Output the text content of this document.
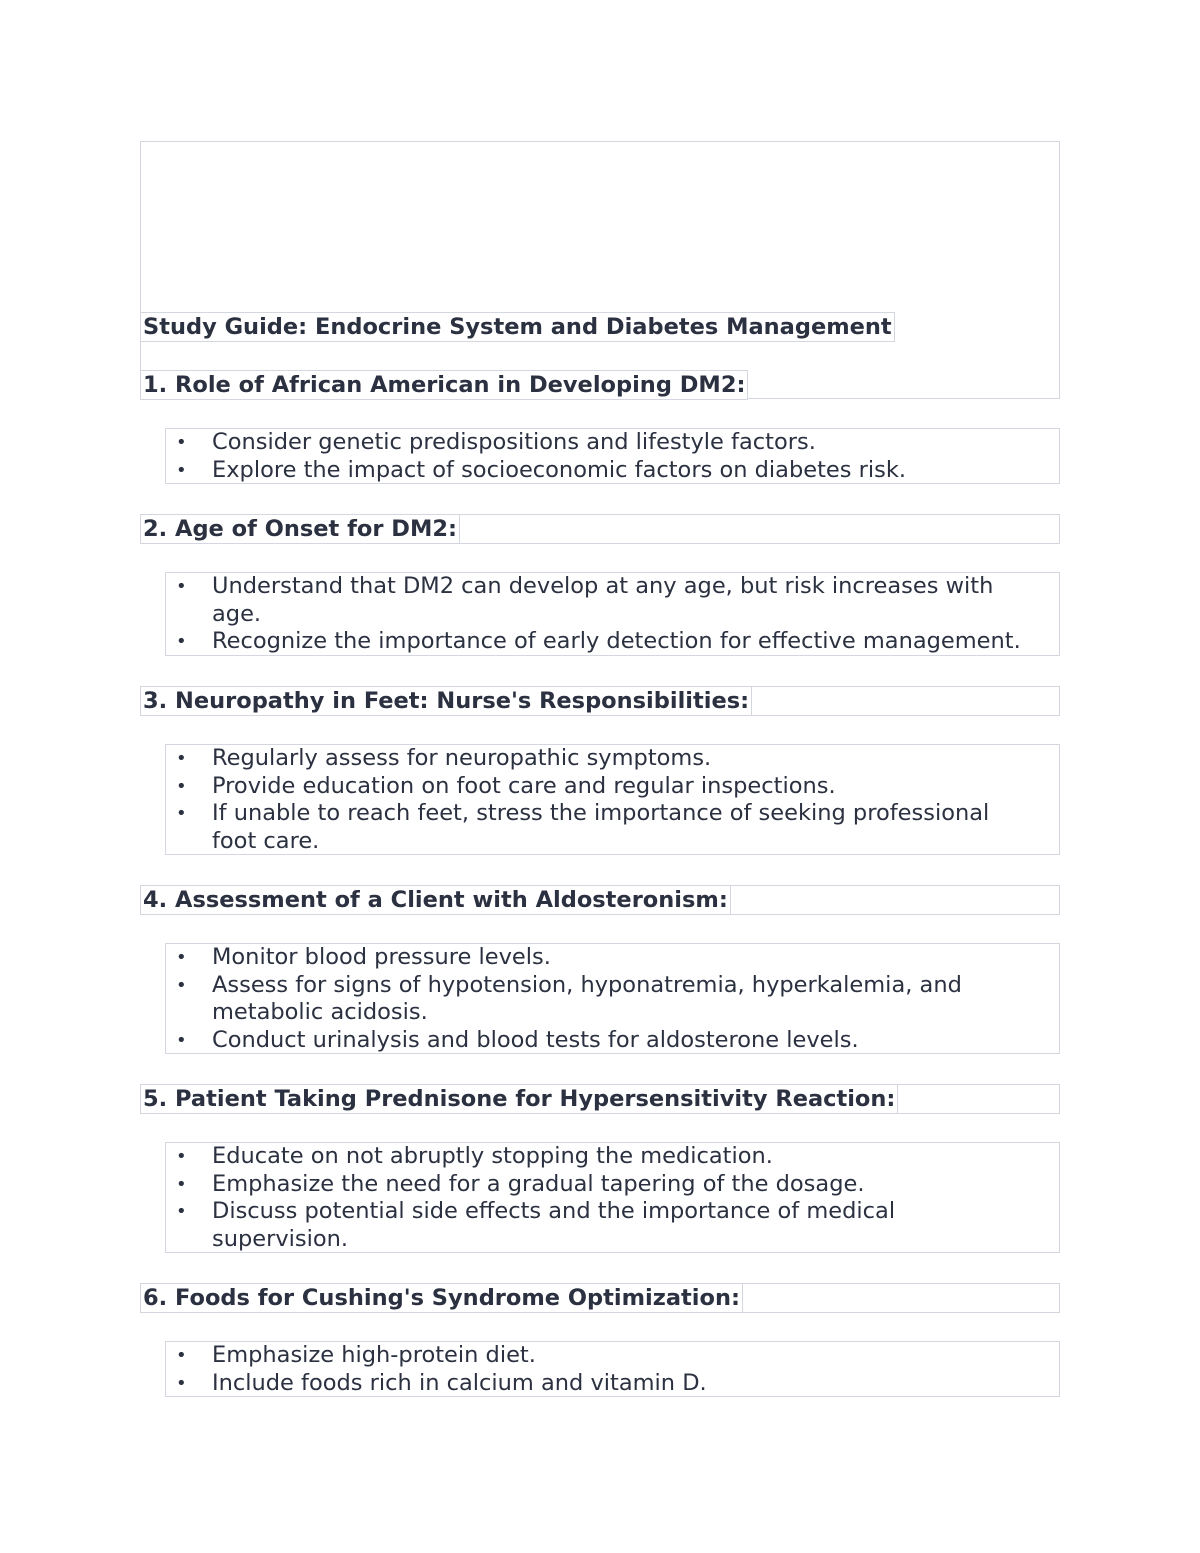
Study Guide: Endocrine System and Diabetes Management
1. Role of African American in Developing DM2:
• Consider genetic predispositions and lifestyle factors.
• Explore the impact of socioeconomic factors on diabetes risk.
2. Age of Onset for DM2:
• Understand that DM2 can develop at any age, but risk increases with age.
• Recognize the importance of early detection for effective management.
3. Neuropathy in Feet: Nurse's Responsibilities:
• Regularly assess for neuropathic symptoms.
• Provide education on foot care and regular inspections.
• If unable to reach feet, stress the importance of seeking professional foot care.
4. Assessment of a Client with Aldosteronism:
• Monitor blood pressure levels.
• Assess for signs of hypotension, hyponatremia, hyperkalemia, and metabolic acidosis.
• Conduct urinalysis and blood tests for aldosterone levels.
5. Patient Taking Prednisone for Hypersensitivity Reaction:
• Educate on not abruptly stopping the medication.
• Emphasize the need for a gradual tapering of the dosage.
• Discuss potential side effects and the importance of medical supervision.
6. Foods for Cushing's Syndrome Optimization:
• Emphasize high-protein diet.
• Include foods rich in calcium and vitamin D.
